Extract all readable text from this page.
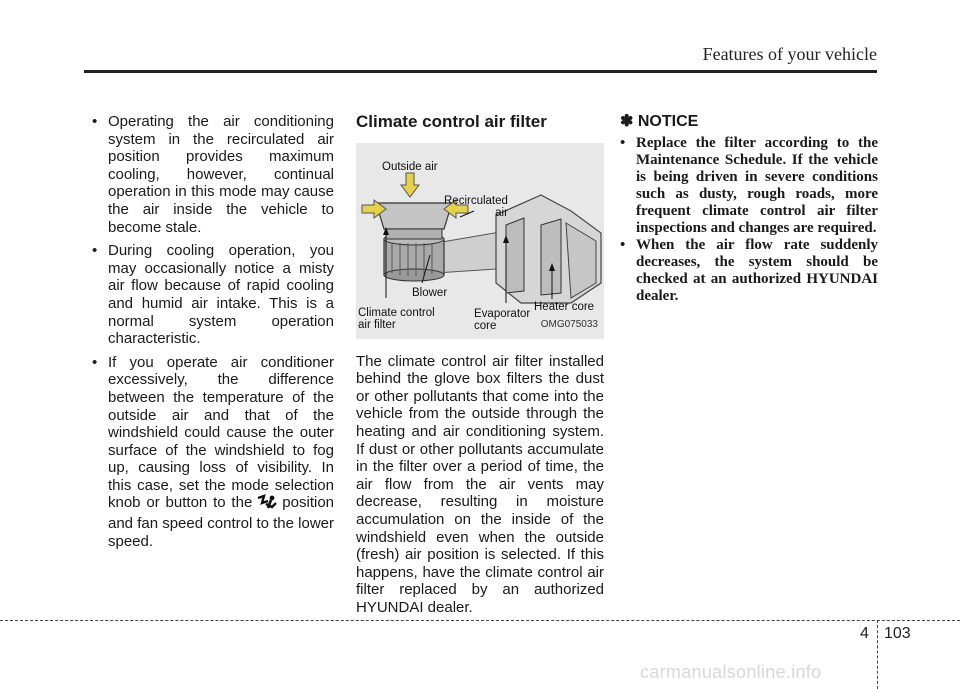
Features of your vehicle
• Operating the air conditioning system in the recirculated air position provides maximum cooling, however, continual operation in this mode may cause the air inside the vehicle to become stale.
• During cooling operation, you may occasionally notice a misty air flow because of rapid cooling and humid air intake. This is a normal system operation characteristic.
• If you operate air conditioner excessively, the difference between the temperature of the outside air and that of the windshield could cause the outer surface of the windshield to fog up, causing loss of visibility. In this case, set the mode selection knob or button to the position and fan speed control to the lower speed.
Climate control air filter
Outside air
Recirculated
air
Blower
Climate control
air filter
Evaporator
core
Heater core
OMG075033
The climate control air filter installed behind the glove box filters the dust or other pollutants that come into the vehicle from the outside through the heating and air conditioning system. If dust or other pollutants accumulate in the filter over a period of time, the air flow from the air vents may decrease, resulting in moisture accumulation on the inside of the windshield even when the outside (fresh) air position is selected. If this happens, have the climate control air filter replaced by an authorized HYUNDAI dealer.
✽ NOTICE
• Replace the filter according to the Maintenance Schedule. If the vehicle is being driven in severe conditions such as dusty, rough roads, more frequent climate control air filter inspections and changes are required.
• When the air flow rate suddenly decreases, the system should be checked at an authorized HYUNDAI dealer.
4 103
carmanualsonline.info
